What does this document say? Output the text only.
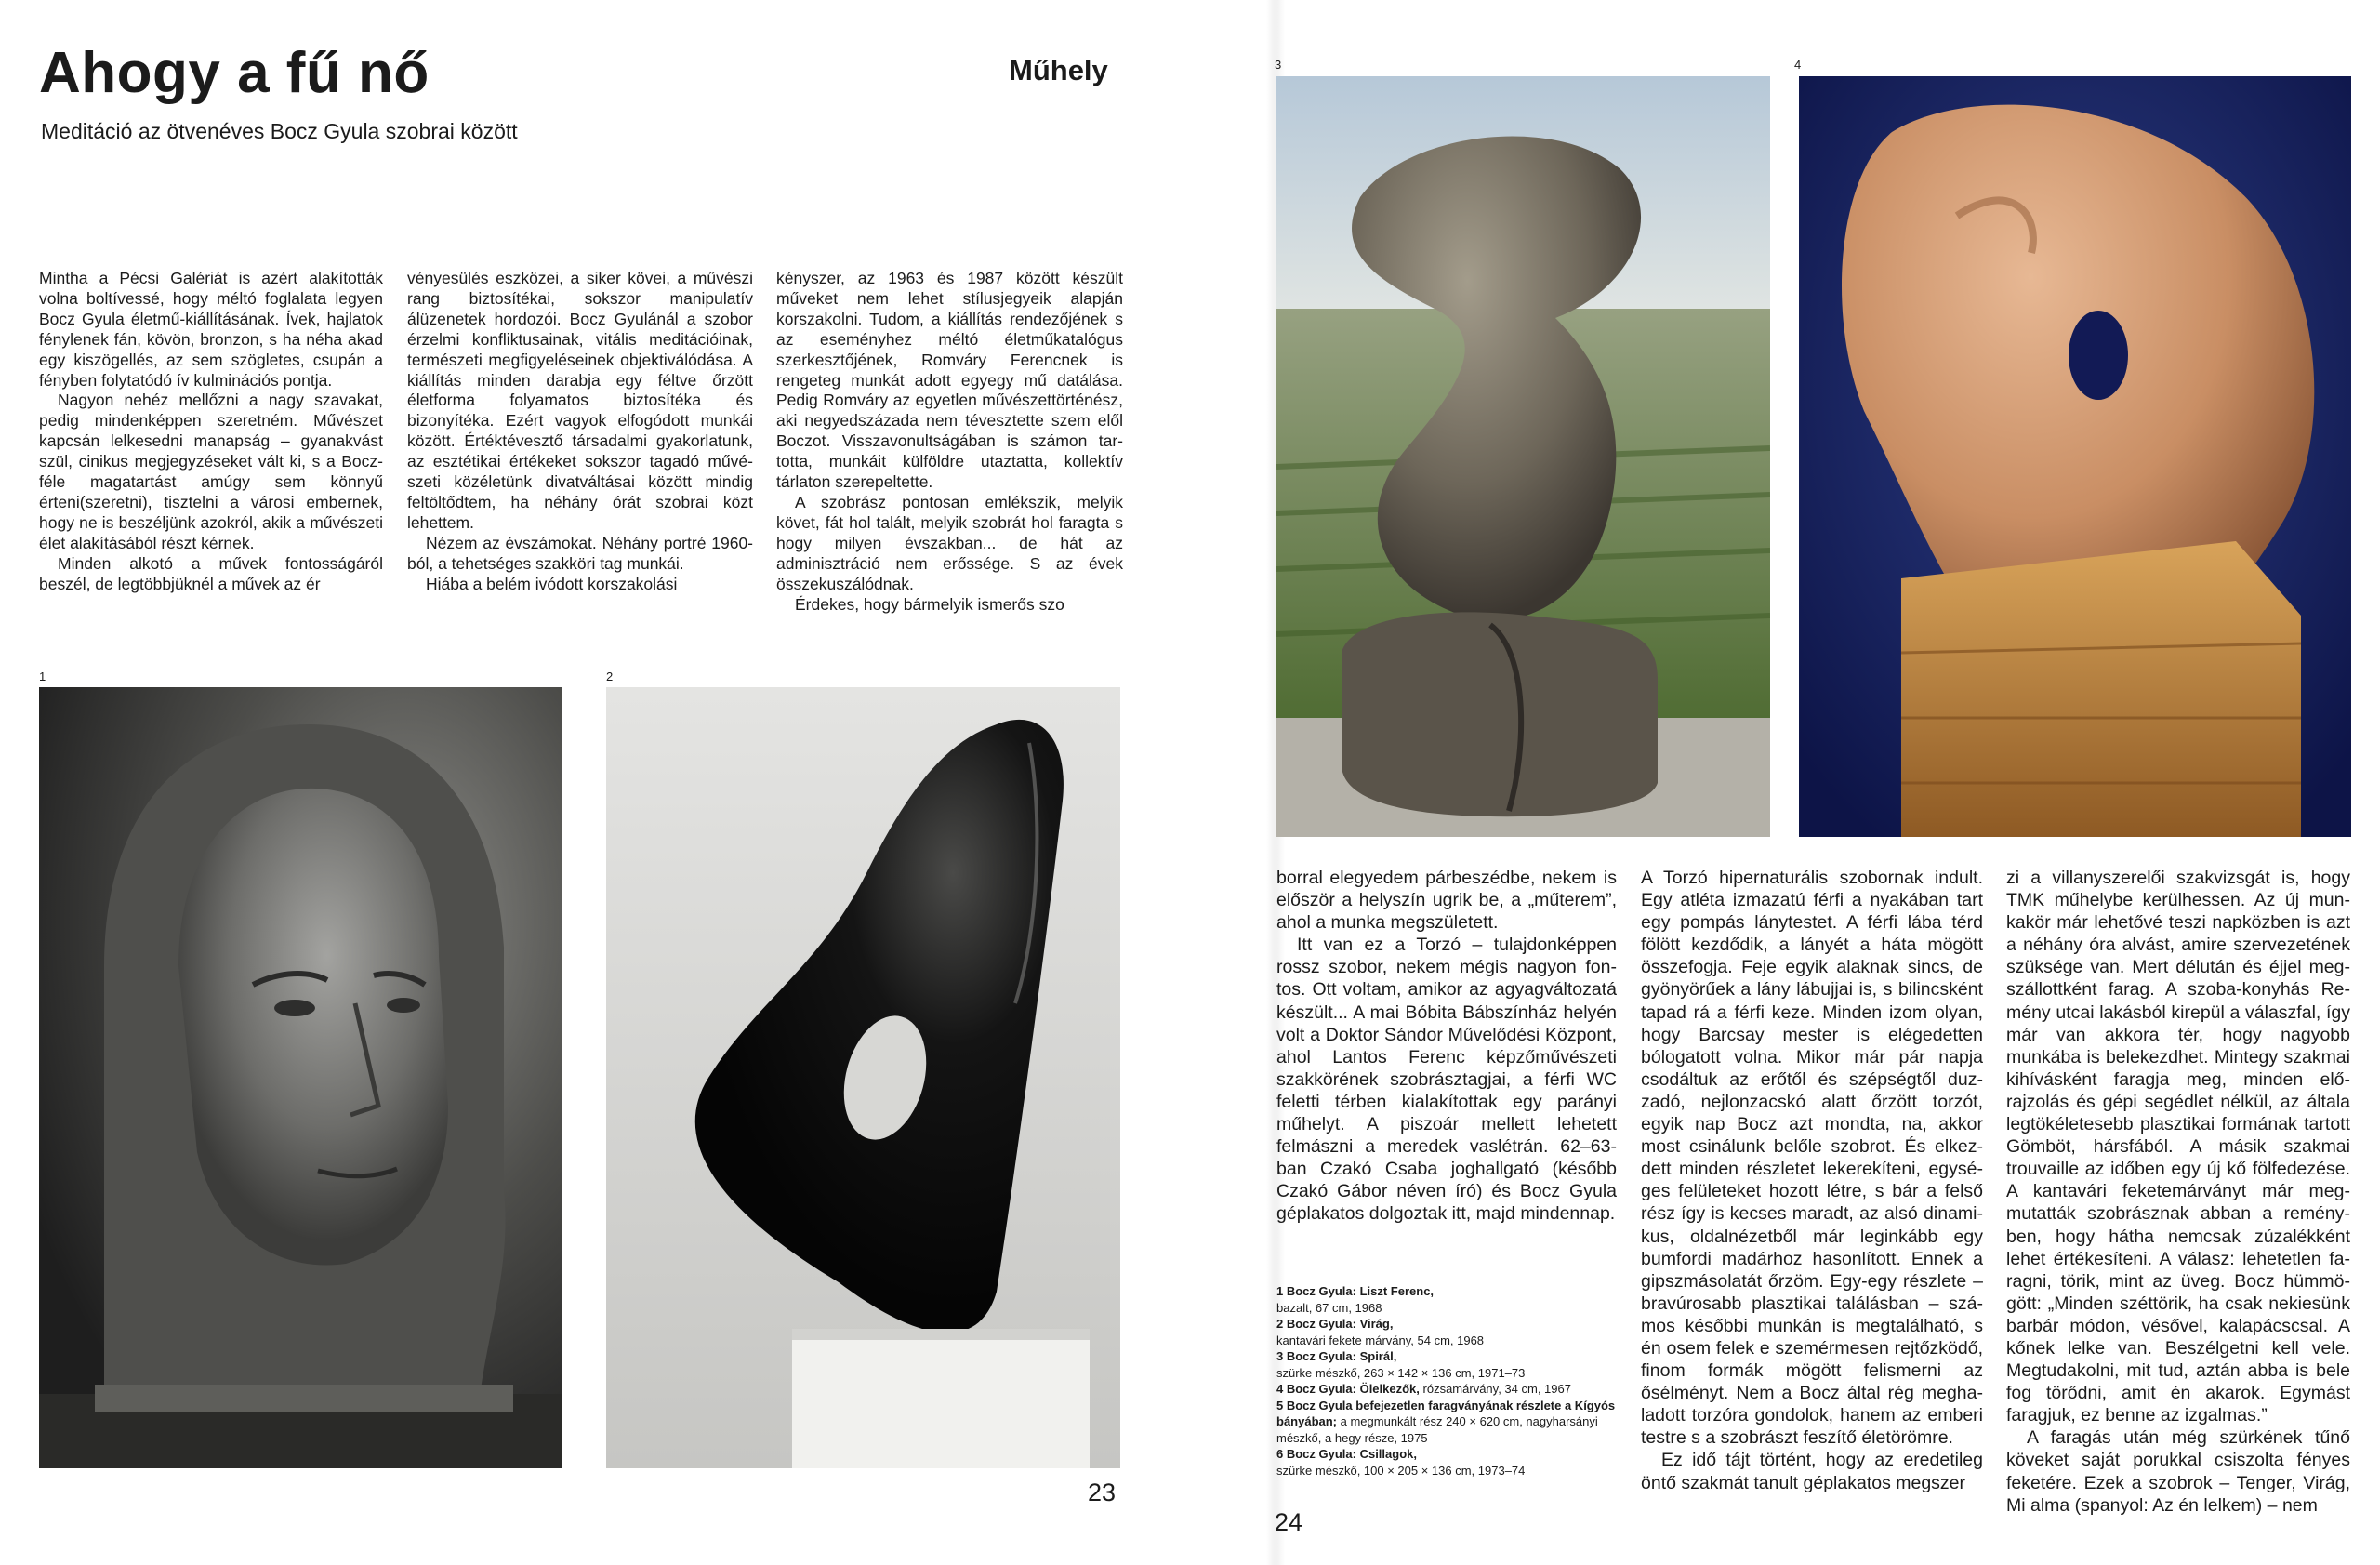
Ahogy a fű nő
Meditáció az ötvenéves Bocz Gyula szobrai között
Műhely

Mintha a Pécsi Galériát is azért alakították volna boltívessé, hogy méltó foglalata legyen Bocz Gyula életmű-kiállításának. Ívek, hajlatok fénylenek fán, kövön, bronzon, s ha néha akad egy kiszögellés, az sem szögletes, csupán a fényben folytatódó ív kulminációs pontja.

Nagyon nehéz mellőzni a nagy szavakat, pedig mindenképpen szeretném. Művészet kapcsán lelkesedni manapság – gyanakvást szül, cinikus megjegyzéseket vált ki, s a Bocz-féle magatartást amúgy sem könnyű érteni(szeretni), tisztelni a városi embernek, hogy ne is beszéljünk azokról, akik a művészeti élet alakításából részt kérnek.

Minden alkotó a művek fontosságáról beszél, de legtöbbjüknél a művek az ér

vényesülés eszközei, a siker kövei, a művészi rang biztosítékai, sokszor manipulatív álüzenetek hordozói. Bocz Gyulánál a szobor érzelmi konfliktusainak, vitális meditációinak, természeti megfigyeléseinek objektiválódása. A kiállítás minden darabja egy féltve őrzött életforma folyamatos biztosítéka és bizonyítéka. Ezért vagyok elfogódott munkái között. Értéktévesztő társadalmi gyakorlatunk, az esztétikai értékeket sokszor tagadó művészeti közéletünk divatváltásai között mindig feltöltődtem, ha néhány órát szobrai közt lehettem.

Nézem az évszámokat. Néhány portré 1960-ból, a tehetséges szakköri tag munkái.

Hiába a belém ivódott korszakolási

kényszer, az 1963 és 1987 között készült műveket nem lehet stílusjegyeik alapján korszakolni. Tudom, a kiállítás rendezőjének s az eseményhez méltó életműkatalógus szerkesztőjének, Romváry Ferencnek is rengeteg munkát adott egyegy mű datálása. Pedig Romváry az egyetlen művészettörténész, aki negyedszázada nem tévesztette szem elől Boczot. Visszavonultságában is számon tartotta, munkáit külföldre utaztatta, kollektív tárlaton szerepeltette.

A szobrász pontosan emlékszik, melyik követ, fát hol talált, melyik szobrát hol faragta s hogy milyen évszakban... de hát az adminisztráció nem erőssége. S az évek összekuszálódnak.

Érdekes, hogy bármelyik ismerős szo

1	2
23
3	4

borral elegyedem párbeszédbe, nekem is először a helyszín ugrik be, a „műterem”, ahol a munka megszületett.

Itt van ez a Torzó – tulajdonképpen rossz szobor, nekem mégis nagyon fontos. Ott voltam, amikor az agyagváltozatá készült... A mai Bóbita Bábszínház helyén volt a Doktor Sándor Művelődési Központ, ahol Lantos Ferenc képzőművészeti szakkörének szobrásztagjai, a férfi WC feletti térben kialakítottak egy parányi műhelyt. A piszoár mellett lehetett felmászni a meredek vaslétrán. 62–63-ban Czakó Csaba joghallgató (később Czakó Gábor néven író) és Bocz Gyula géplakatos dolgoztak itt, majd mindennap.

1 Bocz Gyula: Liszt Ferenc,
bazalt, 67 cm, 1968
2 Bocz Gyula: Virág,
kantavári fekete márvány, 54 cm, 1968
3 Bocz Gyula: Spirál,
szürke mészkő, 263 × 142 × 136 cm, 1971–73
4 Bocz Gyula: Ölelkezők, rózsamárvány, 34 cm, 1967
5 Bocz Gyula befejezetlen faragványának részlete a Kígyós bányában; a megmunkált rész 240 × 620 cm, nagyharsányi mészkő, a hegy része, 1975
6 Bocz Gyula: Csillagok,
szürke mészkő, 100 × 205 × 136 cm, 1973–74

A Torzó hipernaturális szobornak indult. Egy atléta izmazatú férfi a nyakában tart egy pompás lánytestet. A férfi lába térd fölött kezdődik, a lányét a háta mögött összefogja. Feje egyik alaknak sincs, de gyönyörűek a lány lábujjai is, s bilincsként tapad rá a férfi keze. Minden izom olyan, hogy Barcsay mester is elégedetten bólogatott volna. Mikor már pár napja csodáltuk az erőtől és szépségtől duzzadó, nejlonzacskó alatt őrzött torzót, egyik nap Bocz azt mondta, na, akkor most csinálunk belőle szobrot. És elkezdett minden részletet lekerekíteni, egységes felületeket hozott létre, s bár a felső rész így is kecses maradt, az alsó dinamikus, oldalnézetből már leginkább egy bumfordi madárhoz hasonlított. Ennek a gipszmásolatát őrzöm. Egy-egy részlete – bravúrosabb plasztikai találásban – számos későbbi munkán is megtalálható, s én osem felek e szemérmesen rejtőzködő, finom formák mögött felismerni az ősélményt. Nem a Bocz által rég meghaladott torzóra gondolok, hanem az emberi testre s a szobrászt feszítő életörömre.

Ez idő tájt történt, hogy az eredetileg öntő szakmát tanult géplakatos megszer

zi a villanyszerelői szakvizsgát is, hogy TMK műhelybe kerülhessen. Az új munkakör már lehetővé teszi napközben is azt a néhány óra alvást, amire szervezetének szüksége van. Mert délután és éjjel megszállottként farag. A szoba-konyhás Remény utcai lakásból kirepül a válaszfal, így már van akkora tér, hogy nagyobb munkába is belekezdhet. Mintegy szakmai kihívásként faragja meg, minden előrajzolás és gépi segédlet nélkül, az általa legtökéletesebb plasztikai formának tartott Gömböt, hársfából. A másik szakmai trouvaille az időben egy új kő fölfedezése. A kantavári feketemárványt már megmutatták szobrásznak abban a reményben, hogy hátha nemcsak zúzalékként lehet értékesíteni. A válasz: lehetetlen faragni, törik, mint az üveg. Bocz hümmögött: „Minden széttörik, ha csak nekiesünk barbár módon, vésővel, kalapácscsal. A kőnek lelke van. Beszélgetni kell vele. Megtudakolni, mit tud, aztán abba is bele fog törődni, amit én akarok. Egymást faragjuk, ez benne az izgalmas.”

A faragás után még szürkének tűnő köveket saját porukkal csiszolta fényes feketére. Ezek a szobrok – Tenger, Virág, Mi alma (spanyol: Az én lelkem) – nem

24
